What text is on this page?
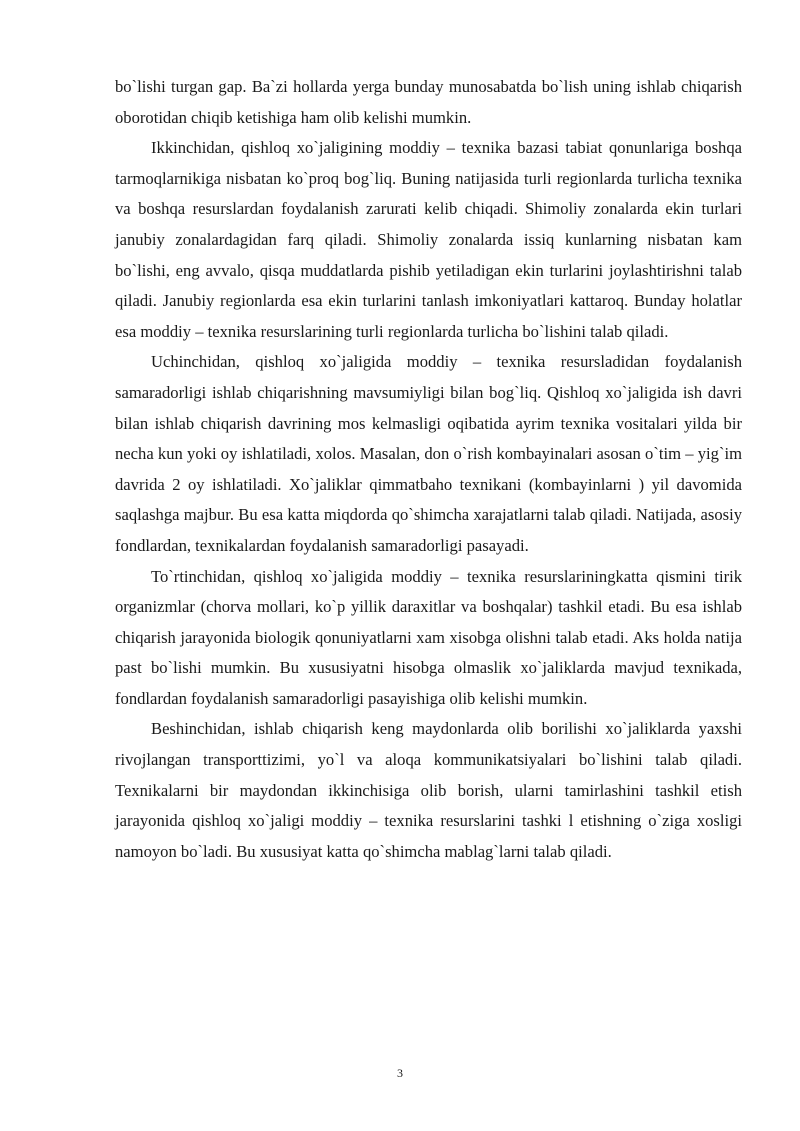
bo`lishi turgan gap. Ba`zi hollarda yerga bunday munosabatda bo`lish uning ishlab chiqarish oborotidan chiqib ketishiga ham olib kelishi mumkin.

Ikkinchidan, qishloq xo`jaligining moddiy – texnika bazasi tabiat qonunlariga boshqa tarmoqlarnikiga nisbatan ko`proq bog`liq. Buning natijasida turli regionlarda turlicha texnika va boshqa resurslardan foydalanish zarurati kelib chiqadi. Shimoliy zonalarda ekin turlari janubiy zonalardagidan farq qiladi. Shimoliy zonalarda issiq kunlarning nisbatan kam bo`lishi, eng avvalo, qisqa muddatlarda pishib yetiladigan ekin turlarini joylashtirishni talab qiladi. Janubiy regionlarda esa ekin turlarini tanlash imkoniyatlari kattaroq. Bunday holatlar esa moddiy – texnika resurslarining turli regionlarda turlicha bo`lishini talab qiladi.

Uchinchidan, qishloq xo`jaligida moddiy – texnika resursladidan foydalanish samaradorligi ishlab chiqarishning mavsumiyligi bilan bog`liq. Qishloq xo`jaligida ish davri bilan ishlab chiqarish davrining mos kelmasligi oqibatida ayrim texnika vositalari yilda bir necha kun yoki oy ishlatiladi, xolos. Masalan, don o`rish kombayinalari asosan o`tim – yig`im davrida 2 oy ishlatiladi. Xo`jaliklar qimmatbaho texnikani (kombayinlarni ) yil davomida saqlashga majbur. Bu esa katta miqdorda qo`shimcha xarajatlarni talab qiladi. Natijada, asosiy fondlardan, texnikalardan foydalanish samaradorligi pasayadi.

To`rtinchidan, qishloq xo`jaligida moddiy – texnika resurslariningkatta qismini tirik organizmlar (chorva mollari, ko`p yillik daraxitlar va boshqalar) tashkil etadi. Bu esa ishlab chiqarish jarayonida biologik qonuniyatlarni xam xisobga olishni talab etadi. Aks holda natija past bo`lishi mumkin. Bu xususiyatni hisobga olmaslik xo`jaliklarda mavjud texnikada, fondlardan foydalanish samaradorligi pasayishiga olib kelishi mumkin.

Beshinchidan, ishlab chiqarish keng maydonlarda olib borilishi xo`jaliklarda yaxshi rivojlangan transporttizimi, yo`l va aloqa kommunikatsiyalari bo`lishini talab qiladi. Texnikalarni bir maydondan ikkinchisiga olib borish, ularni tamirlashini tashkil etish jarayonida qishloq xo`jaligi moddiy – texnika resurslarini tashki l etishning o`ziga xosligi namoyon bo`ladi. Bu xususiyat katta qo`shimcha mablag`larni talab qiladi.

3
